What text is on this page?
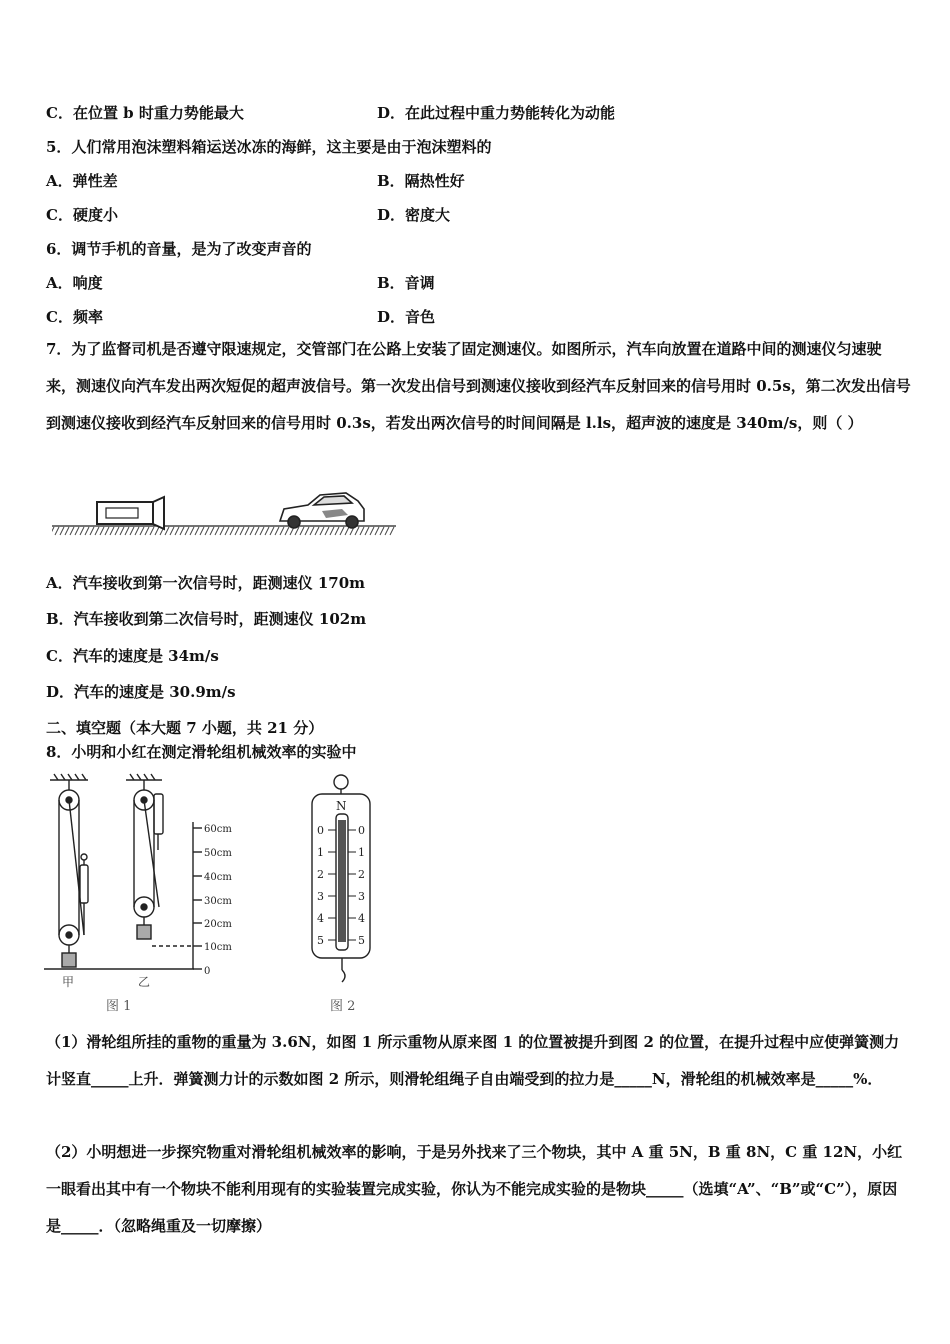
C．在位置 b 时重力势能最大	D．在此过程中重力势能转化为动能
5．人们常用泡沫塑料箱运送冰冻的海鲜，这主要是由于泡沫塑料的
A．弹性差	B．隔热性好
C．硬度小	D．密度大
6．调节手机的音量，是为了改变声音的
A．响度	B．音调
C．频率	D．音色
7．为了监督司机是否遵守限速规定，交管部门在公路上安装了固定测速仪。如图所示，汽车向放置在道路中间的测速仪匀速驶来，测速仪向汽车发出两次短促的超声波信号。第一次发出信号到测速仪接收到经汽车反射回来的信号用时 0.5s，第二次发出信号到测速仪接收到经汽车反射回来的信号用时 0.3s，若发出两次信号的时间间隔是 l.ls，超声波的速度是 340m/s，则（ ）
A．汽车接收到第一次信号时，距测速仪 170m
B．汽车接收到第二次信号时，距测速仪 102m
C．汽车的速度是 34m/s
D．汽车的速度是 30.9m/s
二、填空题（本大题 7 小题，共 21 分）
8．小明和小红在测定滑轮组机械效率的实验中
60cm
50cm
40cm
30cm
20cm
10cm
0
甲	乙
图 1
N
0
1
2
3
4
5
0
1
2
3
4
5
图 2
（1）滑轮组所挂的重物的重量为 3.6N，如图 1 所示重物从原来图 1 的位置被提升到图 2 的位置，在提升过程中应使弹簧测力计竖直_____上升．弹簧测力计的示数如图 2 所示，则滑轮组绳子自由端受到的拉力是_____N，滑轮组的机械效率是_____%．
（2）小明想进一步探究物重对滑轮组机械效率的影响，于是另外找来了三个物块，其中 A 重 5N，B 重 8N，C 重 12N，小红一眼看出其中有一个物块不能利用现有的实验装置完成实验，你认为不能完成实验的是物块_____（选填“A”、“B”或“C”），原因是_____．（忽略绳重及一切摩擦）
